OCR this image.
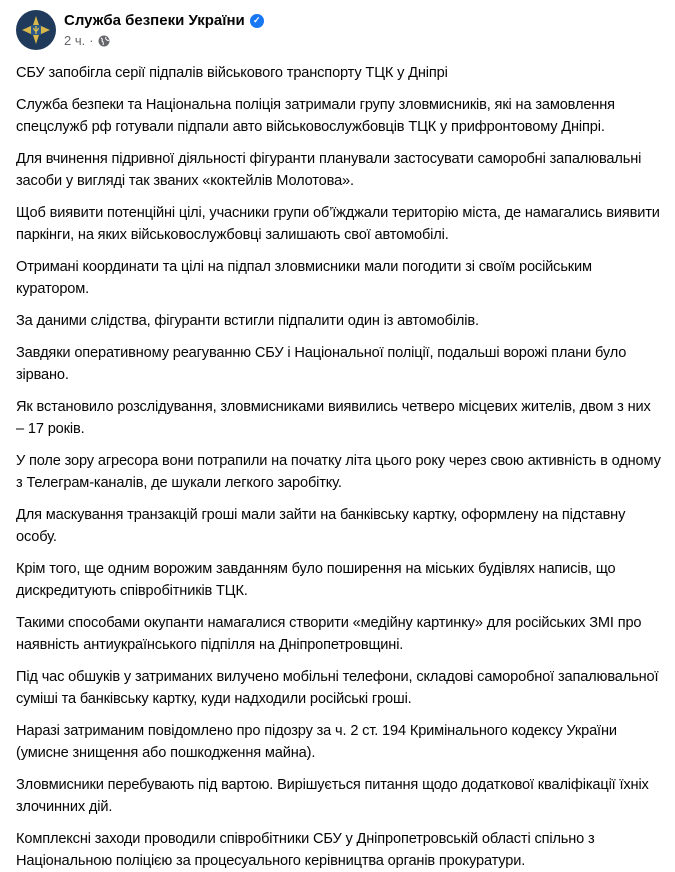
Служба безпеки України ✓
2 ч. ·

СБУ запобігла серії підпалів військового транспорту ТЦК у Дніпрі

Служба безпеки та Національна поліція затримали групу зловмисників, які на замовлення спецслужб рф готували підпали авто військовослужбовців ТЦК у прифронтовому Дніпрі.

Для вчинення підривної діяльності фігуранти планували застосувати саморобні запалювальні засоби у вигляді так званих «коктейлів Молотова».

Щоб виявити потенційні цілі, учасники групи об’їжджали територію міста, де намагались виявити паркінги, на яких військовослужбовці залишають свої автомобілі.

Отримані координати та цілі на підпал зловмисники мали погодити зі своїм російським куратором.

За даними слідства, фігуранти встигли підпалити один із автомобілів.

Завдяки оперативному реагуванню СБУ і Національної поліції, подальші ворожі плани було зірвано.

Як встановило розслідування, зловмисниками виявились четверо місцевих жителів, двом з них – 17 років.

У поле зору агресора вони потрапили на початку літа цього року через свою активність в одному з Телеграм-каналів, де шукали легкого заробітку.

Для маскування транзакцій гроші мали зайти на банківську картку, оформлену на підставну особу.

Крім того, ще одним ворожим завданням було поширення на міських будівлях написів, що дискредитують співробітників ТЦК.

Такими способами окупанти намагалися створити «медійну картинку» для російських ЗМІ про наявність антиукраїнського підпілля на Дніпропетровщині.

Під час обшуків у затриманих вилучено мобільні телефони, складові саморобної запалювальної суміші та банківську картку, куди надходили російські гроші.

Наразі затриманим повідомлено про підозру за ч. 2 ст. 194 Кримінального кодексу України (умисне знищення або пошкодження майна).

Зловмисники перебувають під вартою. Вирішується питання щодо додаткової кваліфікації їхніх злочинних дій.

Комплексні заходи проводили співробітники СБУ у Дніпропетровській області спільно з Національною поліцією за процесуального керівництва органів прокуратури.
